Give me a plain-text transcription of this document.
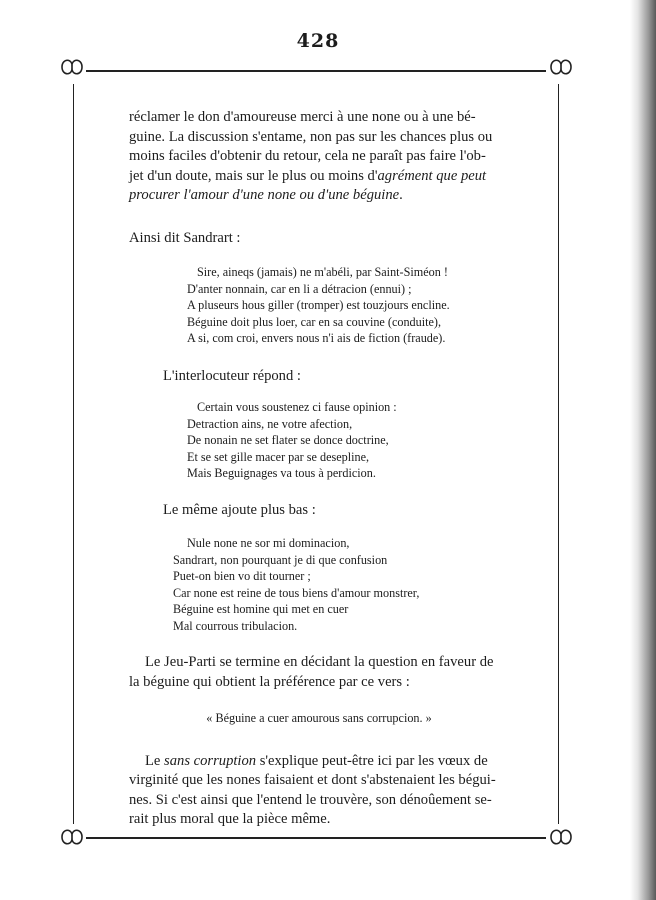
428
réclamer le don d'amoureuse merci à une none ou à une bé-
guine. La discussion s'entame, non pas sur les chances plus ou
moins faciles d'obtenir du retour, cela ne paraît pas faire l'ob-
jet d'un doute, mais sur le plus ou moins d'agrément que peut
procurer l'amour d'une none ou d'une béguine.
Ainsi dit Sandrart :
Sire, aineqs (jamais) ne m'abéli, par Saint-Siméon !
D'anter nonnain, car en li a détracion (ennui) ;
A pluseurs hous giller (tromper) est touzjours encline.
Béguine doit plus loer, car en sa couvine (conduite),
A si, com croi, envers nous n'i ais de fiction (fraude).
L'interlocuteur répond :
Certain vous soustenez ci fause opinion :
Detraction ains, ne votre afection,
De nonain ne set flater se donce doctrine,
Et se set gille macer par se desepline,
Mais Beguignages va tous à perdicion.
Le même ajoute plus bas :
Nule none ne sor mi dominacion,
Sandrart, non pourquant je di que confusion
Puet-on bien vo dit tourner ;
Car none est reine de tous biens d'amour monstrer,
Béguine est homine qui met en cuer
Mal courrous tribulacion.
Le Jeu-Parti se termine en décidant la question en faveur de
la béguine qui obtient la préférence par ce vers :
« Béguine a cuer amourous sans corrupcion. »
Le sans corruption s'explique peut-être ici par les vœux de
virginité que les nones faisaient et dont s'abstenaient les bégui-
nes. Si c'est ainsi que l'entend le trouvère, son dénoûement se-
rait plus moral que la pièce même.
